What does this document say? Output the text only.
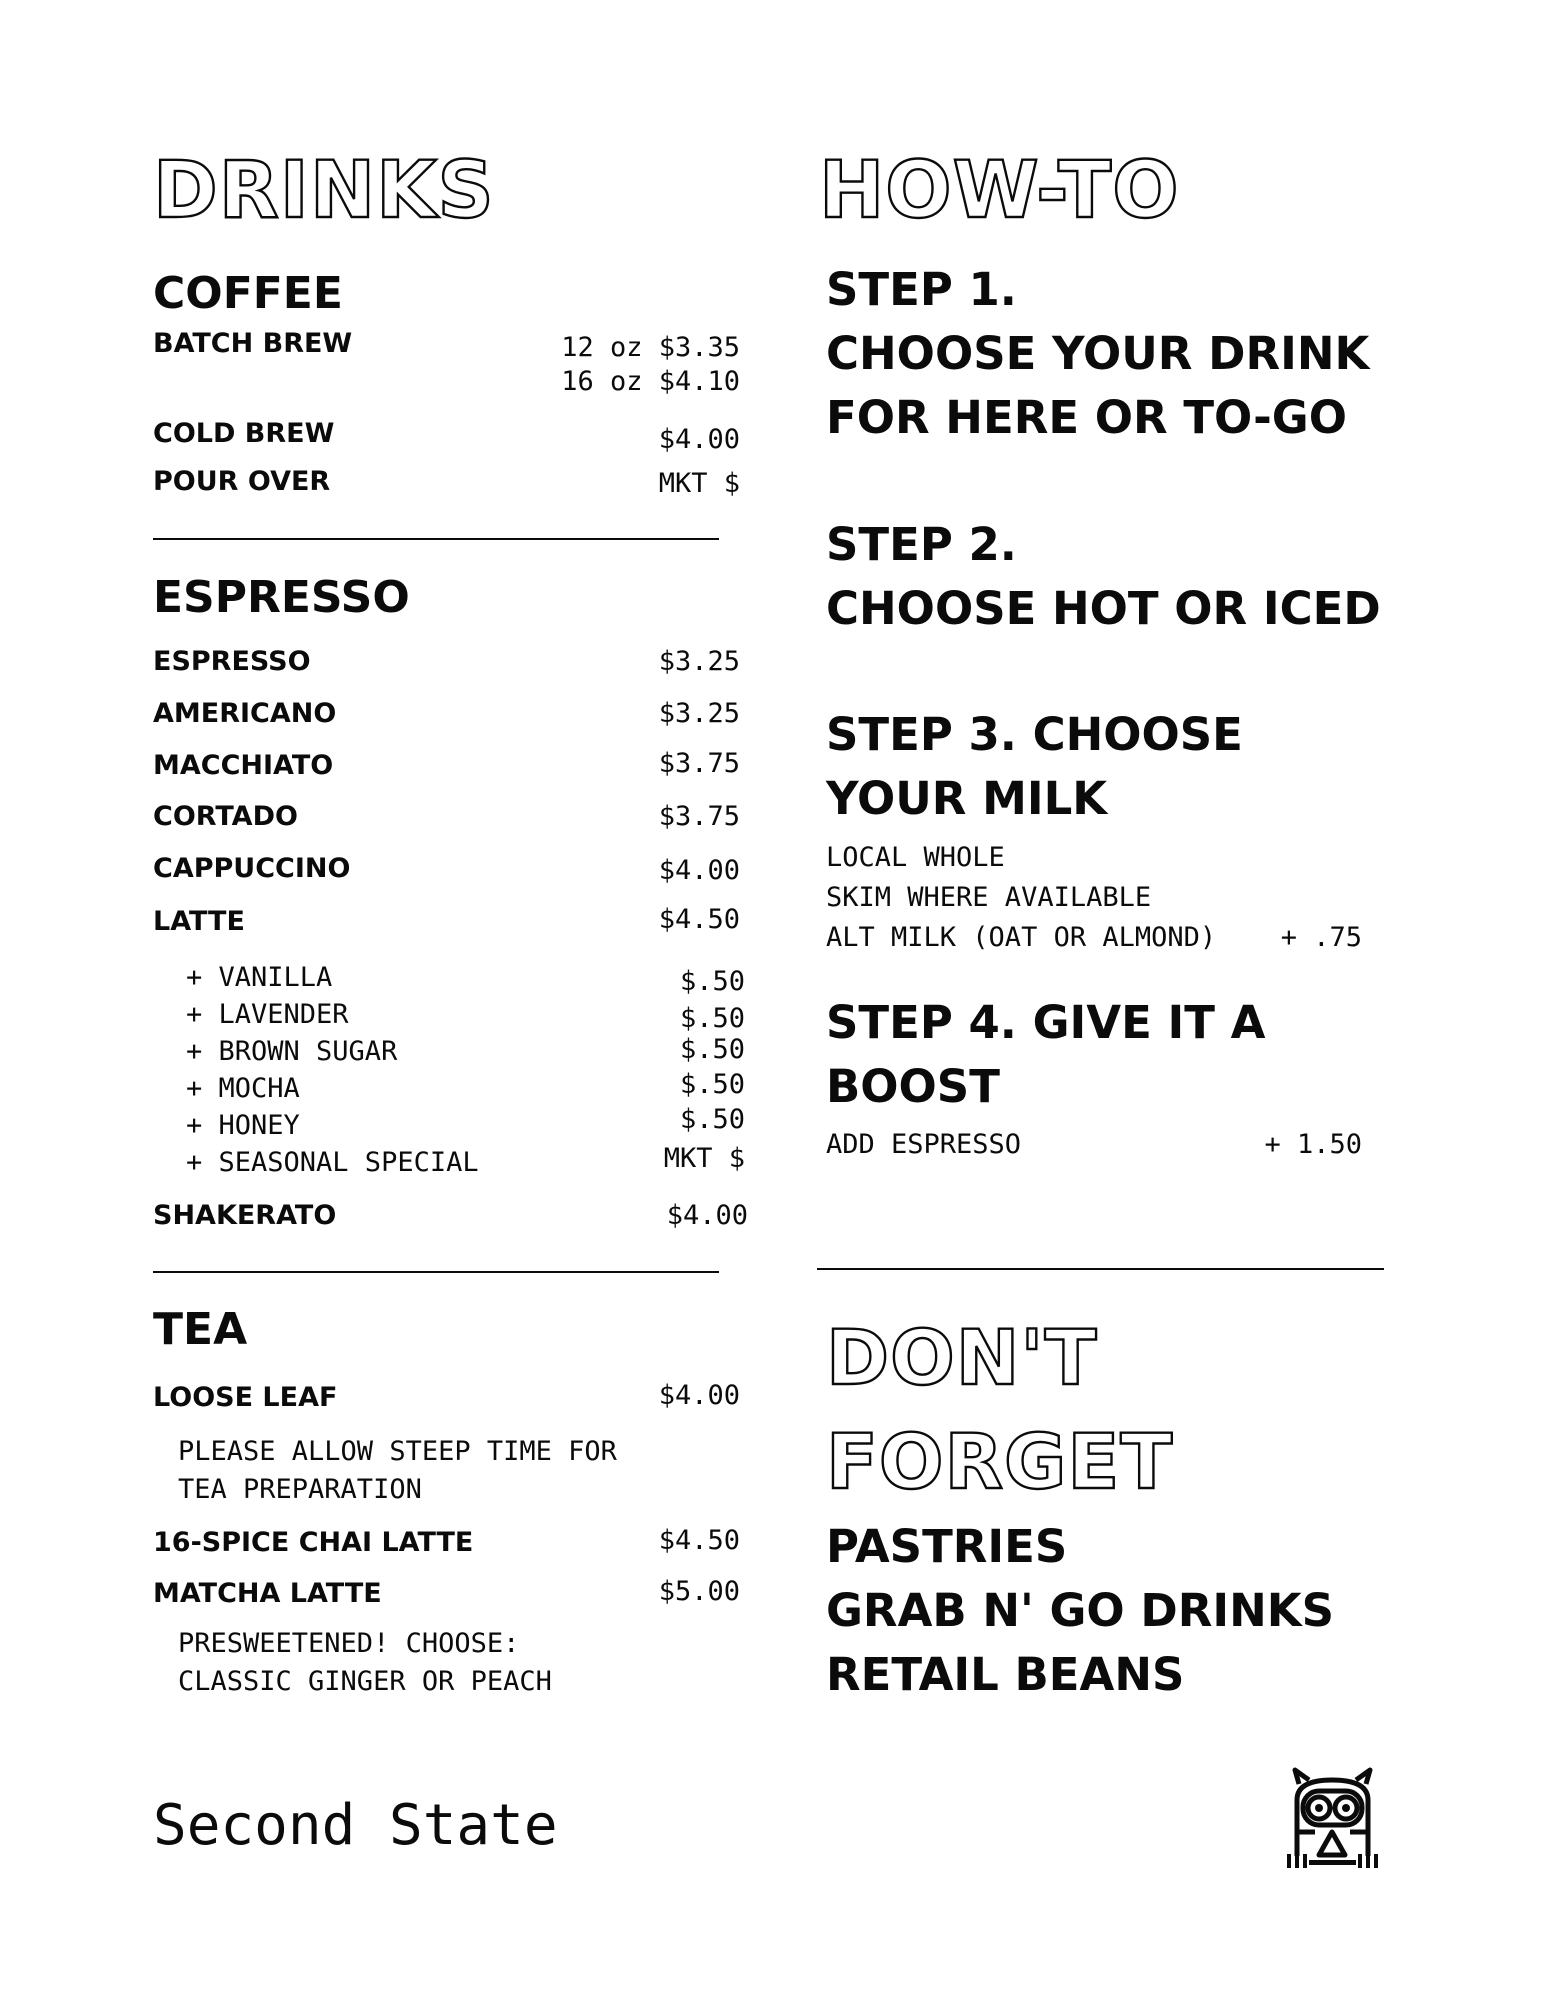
DRINKS
COFFEE
BATCH BREW	12 oz $3.35
16 oz $4.10
COLD BREW	$4.00
POUR OVER	MKT $
ESPRESSO
ESPRESSO	$3.25
AMERICANO	$3.25
MACCHIATO	$3.75
CORTADO	$3.75
CAPPUCCINO	$4.00
LATTE	$4.50
+ VANILLA	$.50
+ LAVENDER	$.50
+ BROWN SUGAR	$.50
+ MOCHA	$.50
+ HONEY	$.50
+ SEASONAL SPECIAL	MKT $
SHAKERATO	$4.00
TEA
LOOSE LEAF	$4.00
PLEASE ALLOW STEEP TIME FOR
TEA PREPARATION
16-SPICE CHAI LATTE	$4.50
MATCHA LATTE	$5.00
PRESWEETENED! CHOOSE:
CLASSIC GINGER OR PEACH
Second State
HOW-TO
STEP 1.
CHOOSE YOUR DRINK
FOR HERE OR TO-GO
STEP 2.
CHOOSE HOT OR ICED
STEP 3. CHOOSE
YOUR MILK
LOCAL WHOLE
SKIM WHERE AVAILABLE
ALT MILK (OAT OR ALMOND) + .75
STEP 4. GIVE IT A
BOOST
ADD ESPRESSO	+ 1.50
DON'T
FORGET
PASTRIES
GRAB N' GO DRINKS
RETAIL BEANS
